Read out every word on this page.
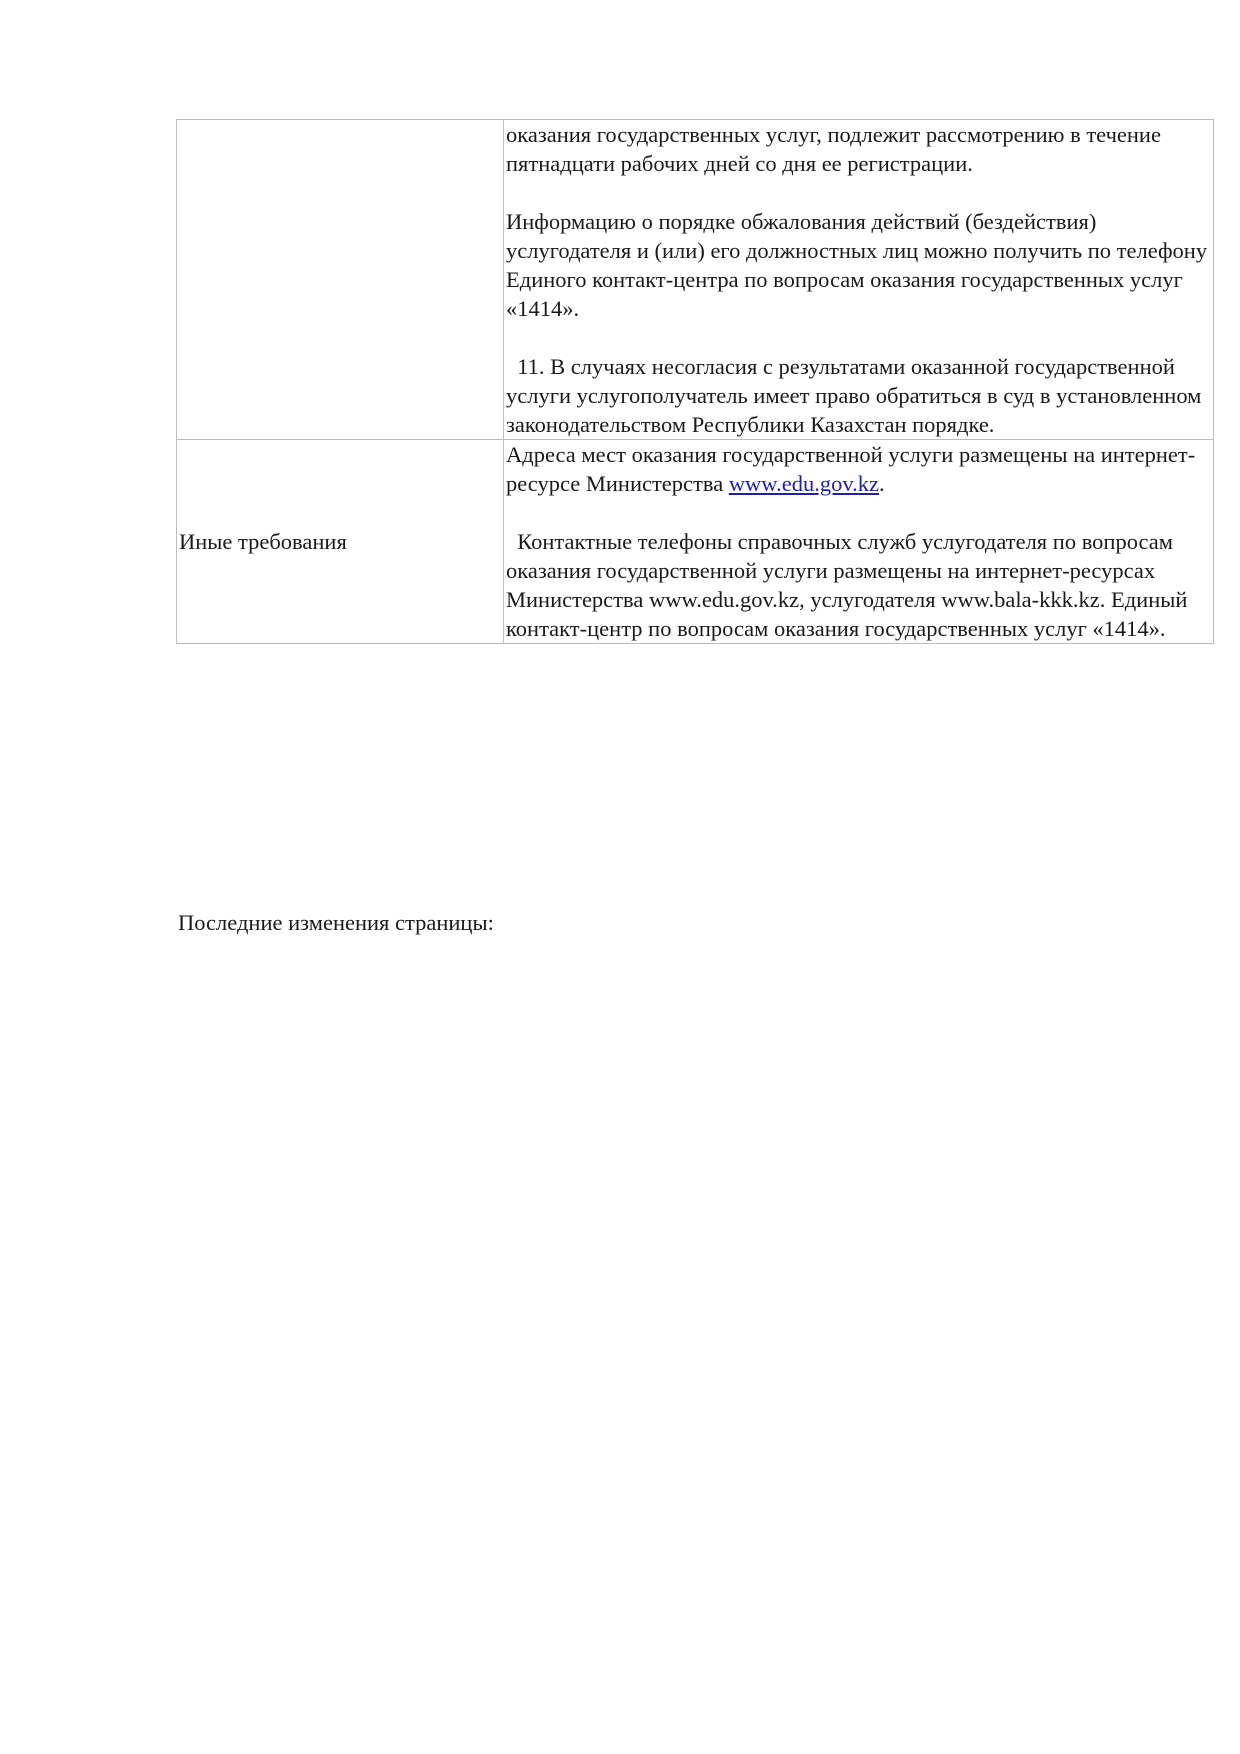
	оказания государственных услуг, подлежит рассмотрению в течение пятнадцати рабочих дней со дня ее регистрации.

Информацию о порядке обжалования действий (бездействия) услугодателя и (или) его должностных лиц можно получить по телефону Единого контакт-центра по вопросам оказания государственных услуг «1414».

11. В случаях несогласия с результатами оказанной государственной услуги услугополучатель имеет право обратиться в суд в установленном законодательством Республики Казахстан порядке.

Иные требования	Адреса мест оказания государственной услуги размещены на интернет-ресурсе Министерства www.edu.gov.kz.

Контактные телефоны справочных служб услугодателя по вопросам оказания государственной услуги размещены на интернет-ресурсах Министерства www.edu.gov.kz, услугодателя www.bala-kkk.kz. Единый контакт-центр по вопросам оказания государственных услуг «1414».

Последние изменения страницы:
